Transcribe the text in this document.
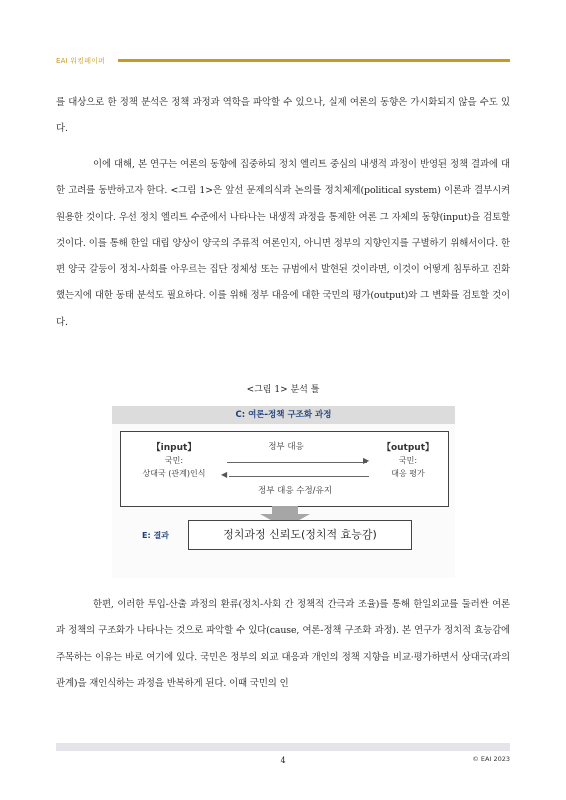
EAI 워킹페이퍼

를 대상으로 한 정책 분석은 정책 과정과 역학을 파악할 수 있으나, 실제 여론의 동향은 가시화되지 않을 수도 있다.

이에 대해, 본 연구는 여론의 동향에 집중하되 정치 엘리트 중심의 내생적 과정이 반영된 정책 결과에 대한 고려를 동반하고자 한다. <그림 1>은 앞선 문제의식과 논의를 정치체제(political system) 이론과 결부시켜 원용한 것이다. 우선 정치 엘리트 수준에서 나타나는 내생적 과정을 통제한 여론 그 자체의 동향(input)을 검토할 것이다. 이를 통해 한일 대립 양상이 양국의 주류적 여론인지, 아니면 정부의 지향인지를 구별하기 위해서이다. 한편 양국 갈등이 정치-사회를 아우르는 집단 정체성 또는 규범에서 발현된 것이라면, 이것이 어떻게 침투하고 진화했는지에 대한 동태 분석도 필요하다. 이를 위해 정부 대응에 대한 국민의 평가(output)와 그 변화를 검토할 것이다.

<그림 1> 분석 틀
C: 여론-정책 구조화 과정
【input】
국민:
상대국 (관계)인식
정부 대응
▶
◀
정부 대응 수정/유지
【output】
국민:
대응 평가
E: 결과	정치과정 신뢰도(정치적 효능감)

한편, 이러한 투입-산출 과정의 환류(정치-사회 간 정책적 간극과 조율)를 통해 한일외교를 둘러싼 여론과 정책의 구조화가 나타나는 것으로 파악할 수 있다(cause, 여론-정책 구조화 과정). 본 연구가 정치적 효능감에 주목하는 이유는 바로 여기에 있다. 국민은 정부의 외교 대응과 개인의 정책 지향을 비교·평가하면서 상대국(과의 관계)을 재인식하는 과정을 반복하게 된다. 이때 국민의 인

4	© EAI 2023
